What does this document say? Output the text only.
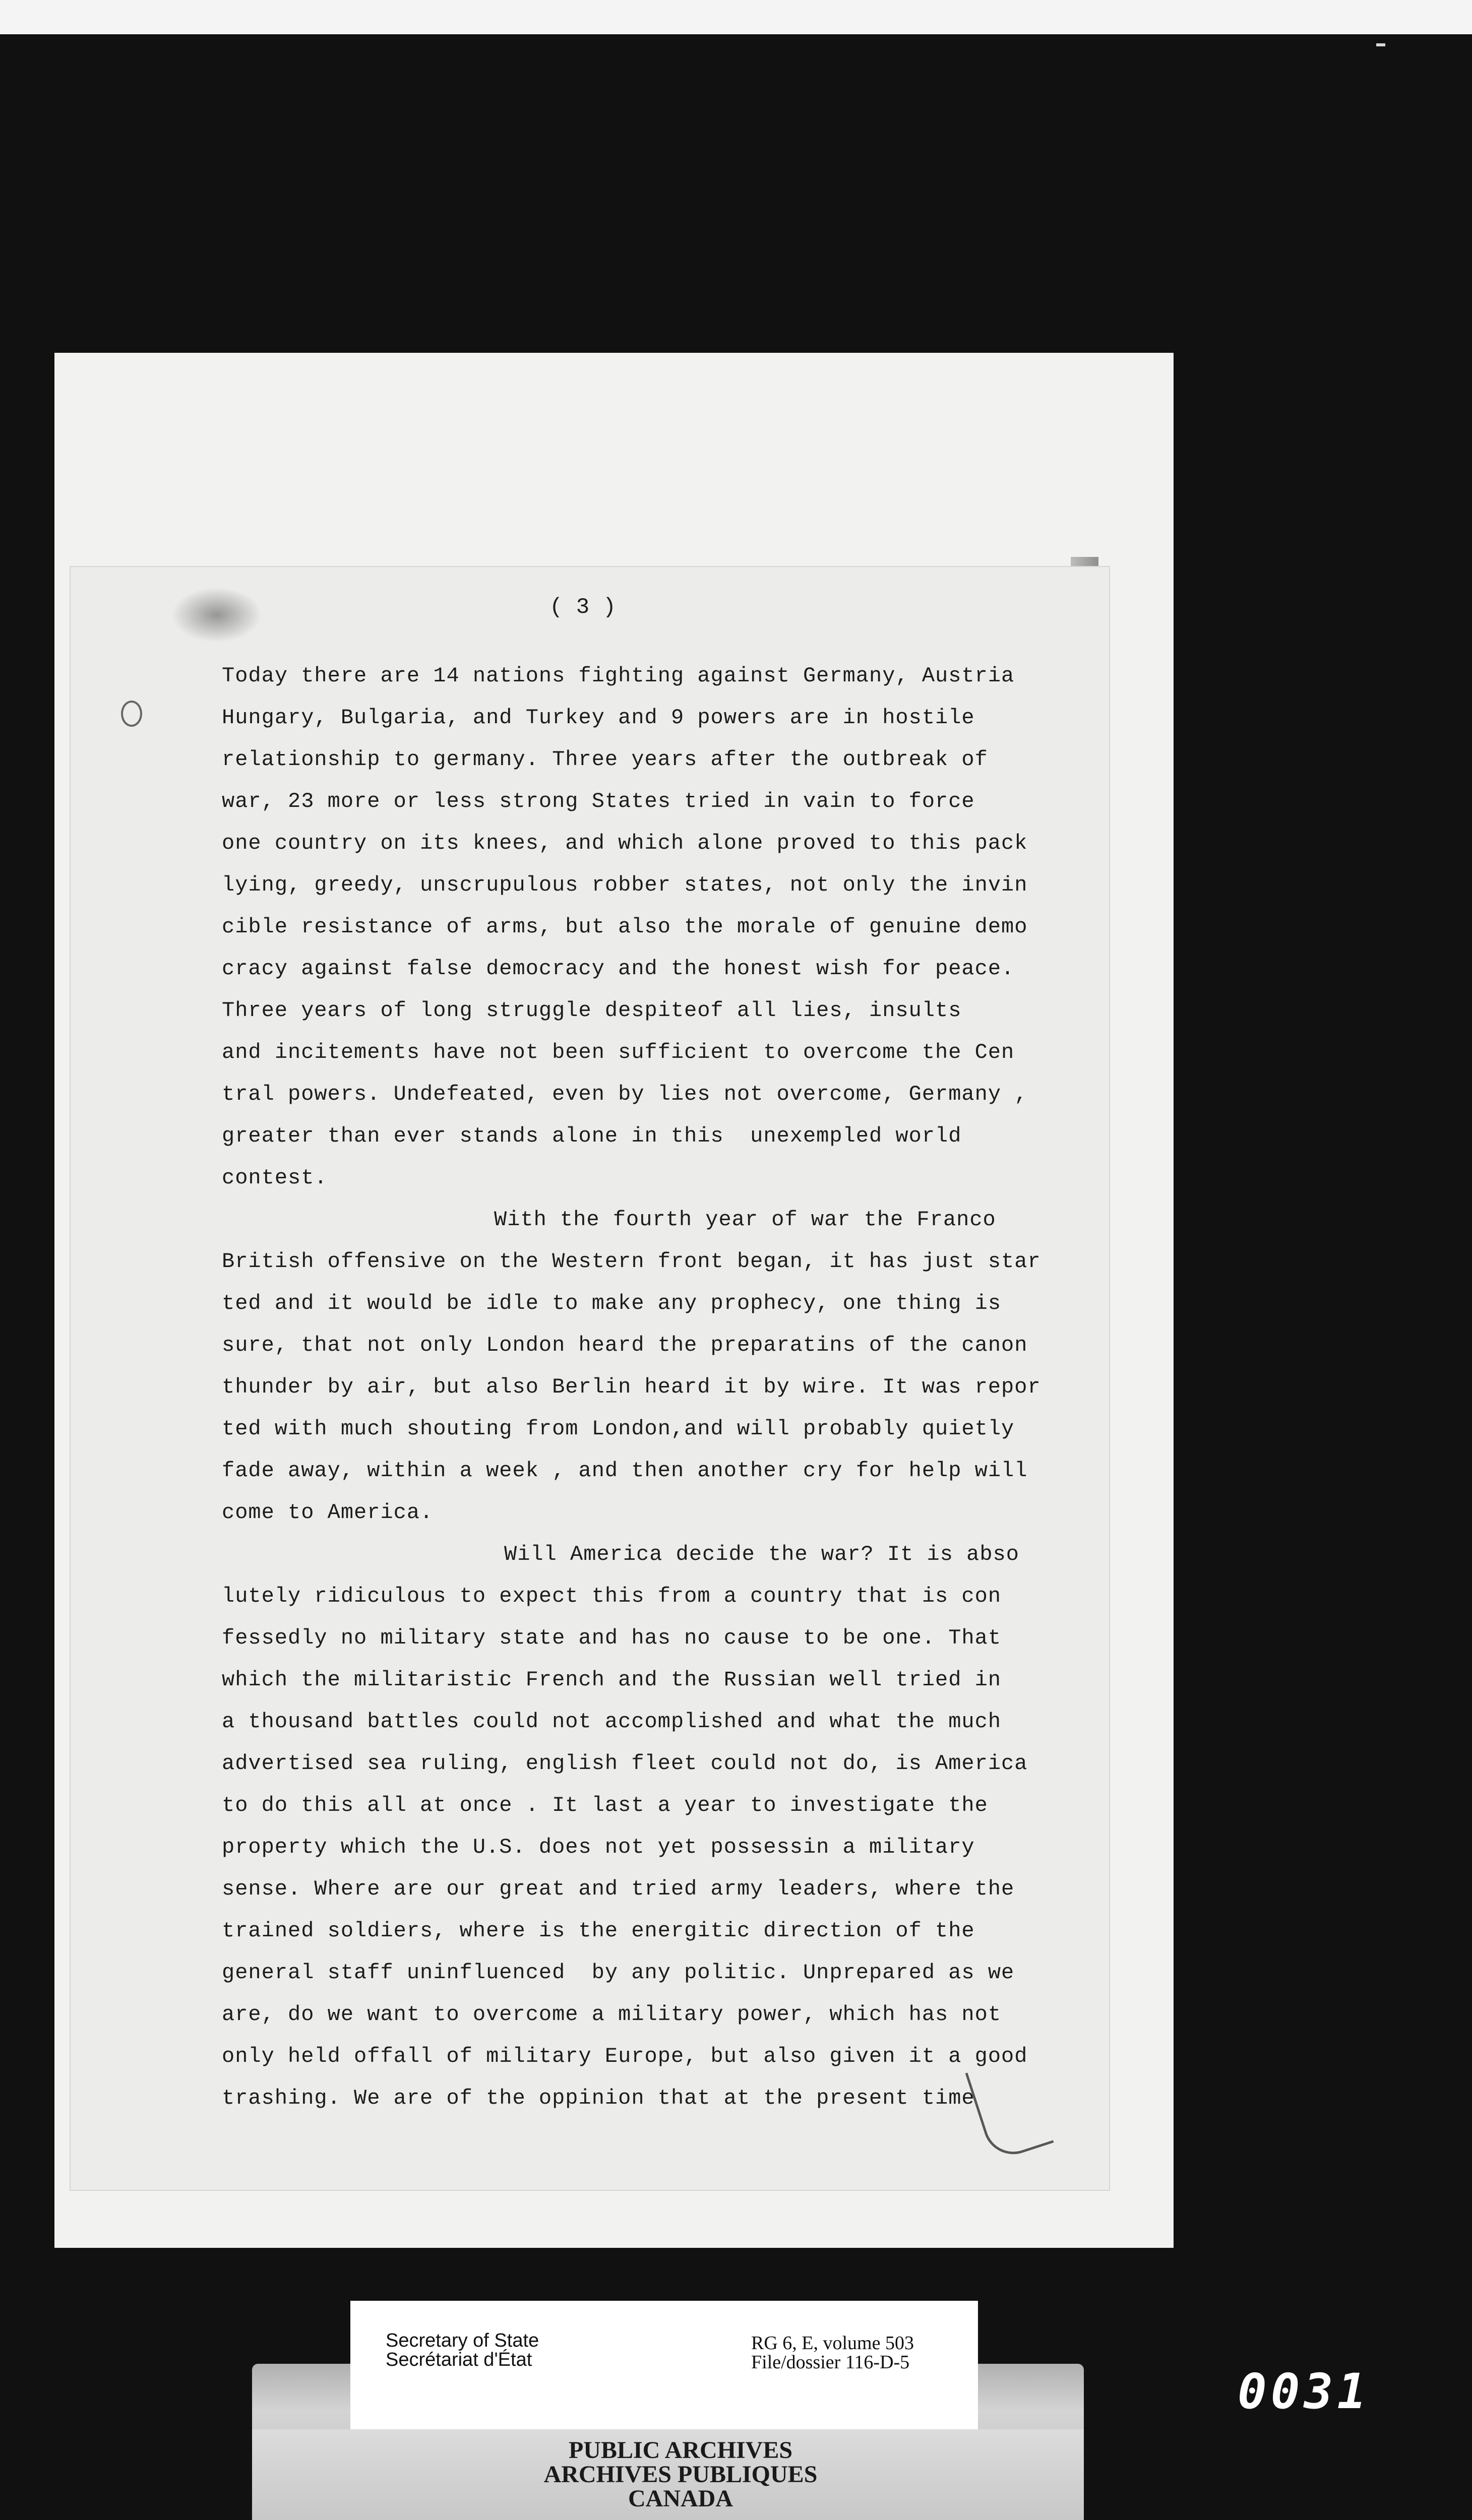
( 3 )
Today there are 14 nations fighting against Germany, Austria
Hungary, Bulgaria, and Turkey and 9 powers are in hostile
relationship to germany. Three years after the outbreak of
war, 23 more or less strong States tried in vain to force
one country on its knees, and which alone proved to this pack
lying, greedy, unscrupulous robber states, not only the invin
cible resistance of arms, but also the morale of genuine demo
cracy against false democracy and the honest wish for peace.
Three years of long struggle despiteof all lies, insults
and incitements have not been sufficient to overcome the Cen
tral powers. Undefeated, even by lies not overcome, Germany ,
greater than ever stands alone in this  unexempled world
contest.
With the fourth year of war the Franco
British offensive on the Western front began, it has just star
ted and it would be idle to make any prophecy, one thing is
sure, that not only London heard the preparatins of the canon
thunder by air, but also Berlin heard it by wire. It was repor
ted with much shouting from London,and will probably quietly
fade away, within a week , and then another cry for help will
come to America.
Will America decide the war? It is abso
lutely ridiculous to expect this from a country that is con
fessedly no military state and has no cause to be one. That
which the militaristic French and the Russian well tried in
a thousand battles could not accomplished and what the much
advertised sea ruling, english fleet could not do, is America
to do this all at once . It last a year to investigate the
property which the U.S. does not yet possessin a military
sense. Where are our great and tried army leaders, where the
trained soldiers, where is the energitic direction of the
general staff uninfluenced  by any politic. Unprepared as we
are, do we want to overcome a military power, which has not
only held offall of military Europe, but also given it a good
trashing. We are of the oppinion that at the present time
Secretary of State
Secrétariat d'État
RG 6, E, volume 503
File/dossier 116-D-5
PUBLIC ARCHIVES
ARCHIVES PUBLIQUES
CANADA
0031
